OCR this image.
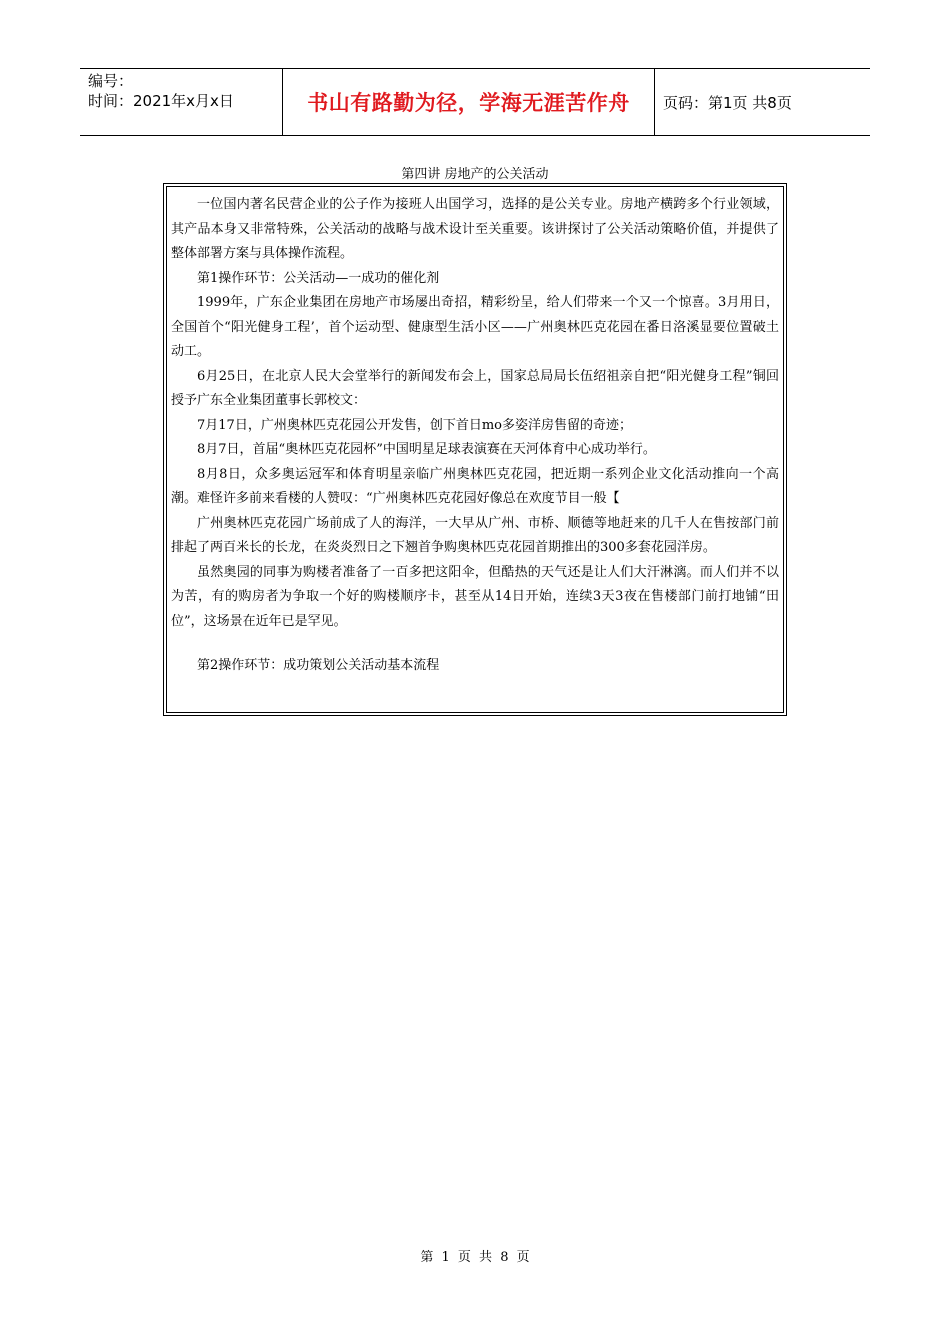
编号：
时间：2021年x月x日	书山有路勤为径，学海无涯苦作舟 页码：第1页 共8页
第四讲 房地产的公关活动

一位国内著名民营企业的公子作为接班人出国学习，选择的是公关专业。房地产横跨多个行业领域，其产品本身又非常特殊，公关活动的战略与战术设计至关重要。该讲探讨了公关活动策略价值，并提供了整体部署方案与具体操作流程。

第1操作环节：公关活动—一成功的催化剂

1999年，广东企业集团在房地产市场屡出奇招，精彩纷呈，给人们带来一个又一个惊喜。3月用日，全国首个“阳光健身工程’，首个运动型、健康型生活小区——广州奥林匹克花园在番日洛溪显要位置破土动工。

6月25日，在北京人民大会堂举行的新闻发布会上，国家总局局长伍绍祖亲自把“阳光健身工程”铜回授予广东全业集团董事长郭校文：

7月17日，广州奥林匹克花园公开发售，创下首日mo多姿洋房售留的奇迹；

8月7日，首届“奥林匹克花园杯”中国明星足球表演赛在天河体育中心成功举行。

8月8日，众多奥运冠军和体育明星亲临广州奥林匹克花园，把近期一系列企业文化活动推向一个高潮。难怪许多前来看楼的人赞叹：“广州奥林匹克花园好像总在欢度节目一般【

广州奥林匹克花园广场前成了人的海洋，一大早从广州、市桥、顺德等地赶来的几千人在售按部门前排起了两百米长的长龙，在炎炎烈日之下翘首争购奥林匹克花园首期推出的300多套花园洋房。

虽然奥园的同事为购楼者准备了一百多把这阳伞，但酷热的天气还是让人们大汗淋漓。而人们并不以为苦，有的购房者为争取一个好的购楼顺序卡，甚至从14日开始，连续3天3夜在售楼部门前打地铺“田位”，这场景在近年已是罕见。

第2操作环节：成功策划公关活动基本流程

第 1 页 共 8 页
